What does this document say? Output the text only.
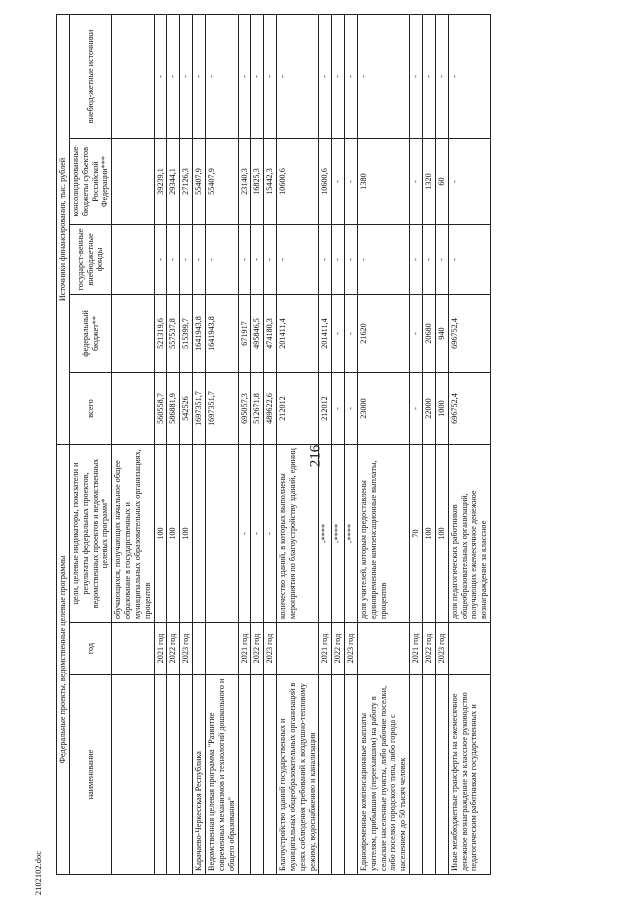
216
Федеральные проекты, ведомственные целевые программы			Источники финансирования, тыс. рублей				
наименование	год	цели, целевые индикаторы, показатели и результаты федеральных проектов, ведомственных проектов и ведомственных целевых программ*	всего	федеральный бюджет**	государст-венные внебюджетные фонды	консолидированные бюджеты субъектов Российской Федерации***	внебюд-жетные источники
		обучающихся, получающих начальное общее образование в государственных и муниципальных образовательных организациях, процентов					
	2021 год	100	560558,7	521319,6	-	39239,1	-
	2022 год	100	586881,9	557537,8	-	29344,1	-
	2023 год	100	542526	515399,7	-	27126,3	-
Карачаево-Черкесская Республика			1697351,7	1641943,8	-	55407,9	-
Ведомственная целевая программа "Развитие современных механизмов и технологий дошкольного и общего образования"			1697351,7	1641943,8	-	55407,9	-
	2021 год	-	695057,3	671917	-	23140,3	-
	2022 год	-	512671,8	495846,5	-	16825,3	-
	2023 год	-	489622,6	474180,3	-	15442,3	-
Благоустройство зданий государственных и муниципальных общеобразовательных организаций в целях соблюдения требований к воздушно-тепловому режиму, водоснабжению и канализации		количество зданий, в которых выполнены мероприятия по благоустройству зданий, единиц	212012	201411,4	-	10600,6	-
	2021 год	-****	212012	201411,4	-	10600,6	-
	2022 год	-****	-	-	-	-	-
	2023 год	-****	-	-	-	-	-
Единовременные компенсационные выплаты учителям, прибывшим (переехавшим) на работу в сельские населенные пункты, либо рабочие поселки, либо поселки городского типа, либо города с населением до 50 тысяч человек		доля учителей, которым предоставлены единовременные компенсационные выплаты, процентов	23000	21620	-	1380	-
	2021 год	70	-	-	-	-	-
	2022 год	100	22000	20680	-	1320	-
	2023 год	100	1000	940	-	60	-
Иные межбюджетные трансферты на ежемесячное денежное вознаграждение за классное руководство педагогическим работникам государственных и		доля педагогических работников общеобразовательных организаций, получающих ежемесячное денежное вознаграждение за классное	696752,4	696752,4	-	-	-
2102102.doc
